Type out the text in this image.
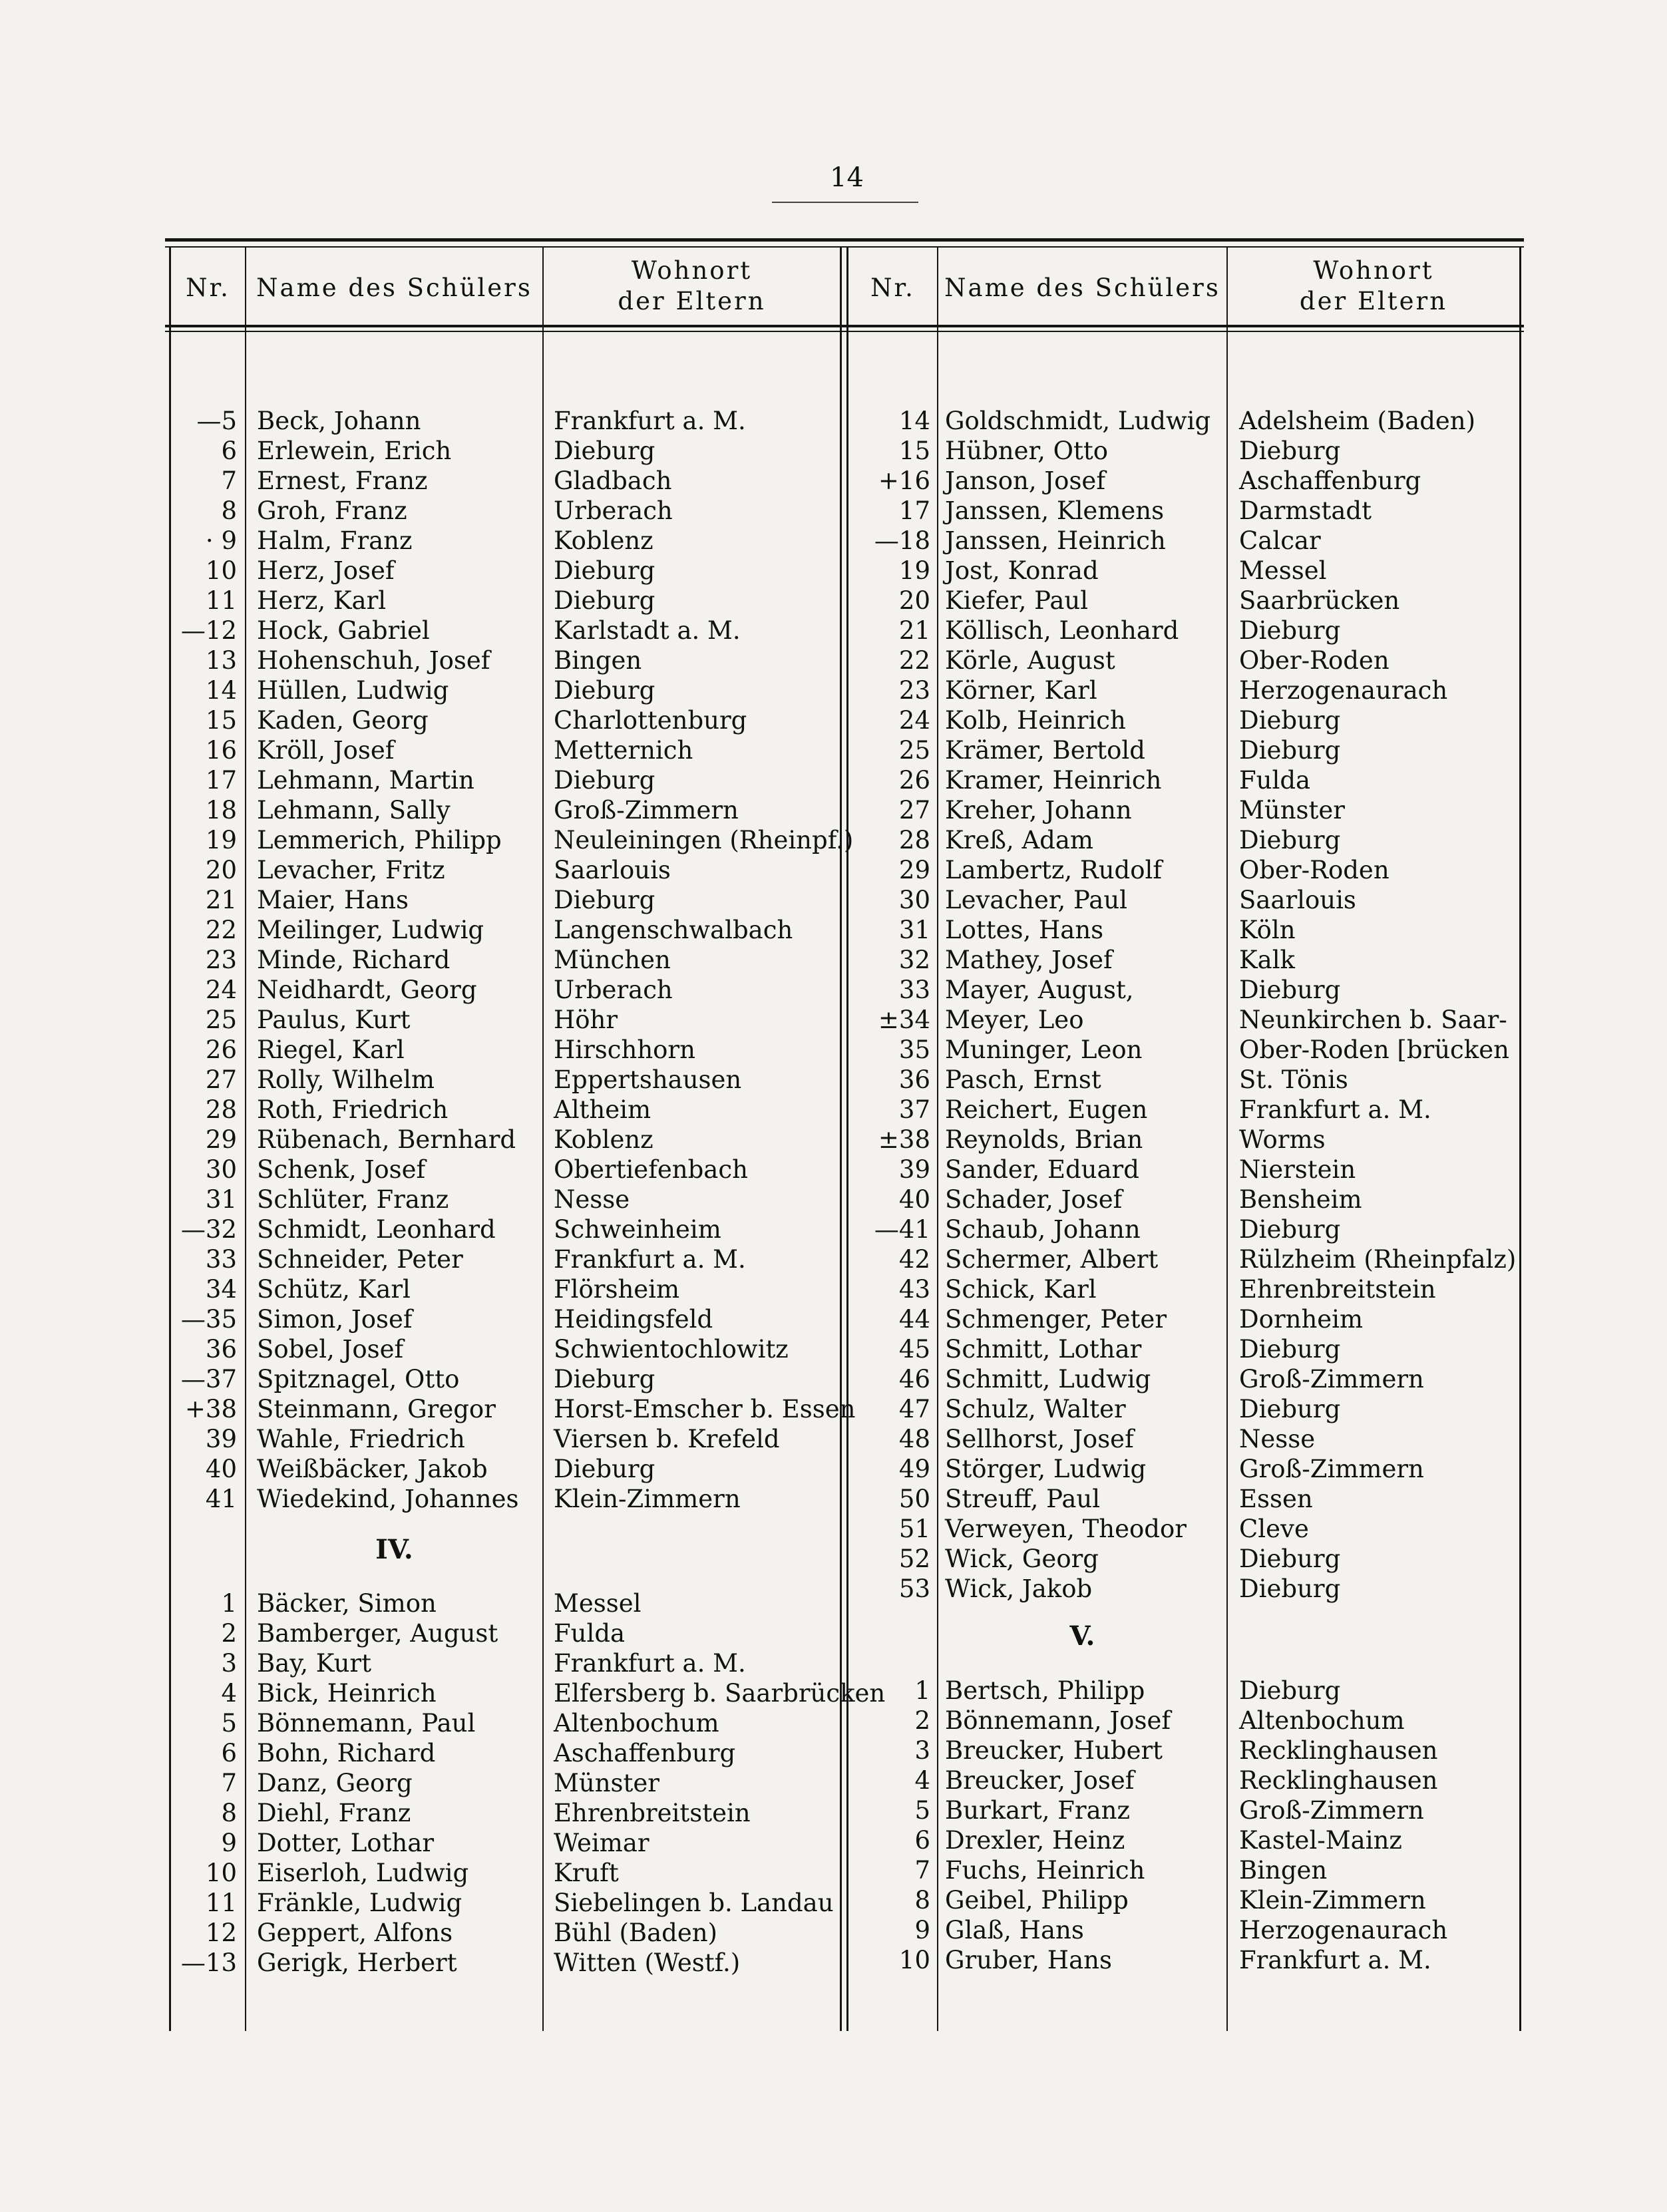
14
Nr.	Name des Schülers
Wohnort
der Eltern	Nr.	Name des Schülers
Wohnort
der Eltern
—5 Beck, Johann	Frankfurt a. M.
6 Erlewein, Erich	Dieburg
7 Ernest, Franz	Gladbach
8 Groh, Franz	Urberach
· 9 Halm, Franz	Koblenz
10 Herz, Josef	Dieburg
11 Herz, Karl	Dieburg
—12 Hock, Gabriel	Karlstadt a. M.
13 Hohenschuh, Josef	Bingen
14 Hüllen, Ludwig	Dieburg
15 Kaden, Georg	Charlottenburg
16 Kröll, Josef	Metternich
17 Lehmann, Martin	Dieburg
18 Lehmann, Sally	Groß-Zimmern
19 Lemmerich, Philipp Neuleiningen (Rheinpf.)
20 Levacher, Fritz	Saarlouis
21 Maier, Hans	Dieburg
22 Meilinger, Ludwig	Langenschwalbach
23 Minde, Richard	München
24 Neidhardt, Georg	Urberach
25 Paulus, Kurt	Höhr
26 Riegel, Karl	Hirschhorn
27 Rolly, Wilhelm	Eppertshausen
28 Roth, Friedrich	Altheim
29 Rübenach, Bernhard Koblenz
30 Schenk, Josef	Obertiefenbach
31 Schlüter, Franz	Nesse
—32 Schmidt, Leonhard Schweinheim
33 Schneider, Peter	Frankfurt a. M.
34 Schütz, Karl	Flörsheim
—35 Simon, Josef	Heidingsfeld
36 Sobel, Josef	Schwientochlowitz
—37 Spitznagel, Otto	Dieburg
+38 Steinmann, Gregor Horst-Emscher b. Essen
39 Wahle, Friedrich	Viersen b. Krefeld
40 Weißbäcker, Jakob	Dieburg
41 Wiedekind, Johannes Klein-Zimmern
1 Bäcker, Simon	Messel
2 Bamberger, August Fulda
3 Bay, Kurt	Frankfurt a. M.
4 Bick, Heinrich	Elfersberg b. Saarbrücken
5 Bönnemann, Paul	Altenbochum
6 Bohn, Richard	Aschaffenburg
7 Danz, Georg	Münster
8 Diehl, Franz	Ehrenbreitstein
9 Dotter, Lothar	Weimar
10 Eiserloh, Ludwig	Kruft
11 Fränkle, Ludwig	Siebelingen b. Landau
12 Geppert, Alfons	Bühl (Baden)
—13 Gerigk, Herbert	Witten (Westf.)
14 Goldschmidt, Ludwig Adelsheim (Baden)
15 Hübner, Otto	Dieburg
+16 Janson, Josef	Aschaffenburg
17 Janssen, Klemens	Darmstadt
—18 Janssen, Heinrich	Calcar
19 Jost, Konrad	Messel
20 Kiefer, Paul	Saarbrücken
21 Köllisch, Leonhard Dieburg
22 Körle, August	Ober-Roden
23 Körner, Karl	Herzogenaurach
24 Kolb, Heinrich	Dieburg
25 Krämer, Bertold	Dieburg
26 Kramer, Heinrich	Fulda
27 Kreher, Johann	Münster
28 Kreß, Adam	Dieburg
29 Lambertz, Rudolf	Ober-Roden
30 Levacher, Paul	Saarlouis
31 Lottes, Hans	Köln
32 Mathey, Josef	Kalk
33 Mayer, August,	Dieburg
±34 Meyer, Leo	Neunkirchen b. Saar-
35 Muninger, Leon	Ober-Roden [brücken
36 Pasch, Ernst	St. Tönis
37 Reichert, Eugen	Frankfurt a. M.
±38 Reynolds, Brian	Worms
39 Sander, Eduard	Nierstein
40 Schader, Josef	Bensheim
—41 Schaub, Johann	Dieburg
42 Schermer, Albert	Rülzheim (Rheinpfalz)
43 Schick, Karl	Ehrenbreitstein
44 Schmenger, Peter	Dornheim
45 Schmitt, Lothar	Dieburg
46 Schmitt, Ludwig	Groß-Zimmern
47 Schulz, Walter	Dieburg
48 Sellhorst, Josef	Nesse
49 Störger, Ludwig	Groß-Zimmern
50 Streuff, Paul	Essen
51 Verweyen, Theodor Cleve
52 Wick, Georg	Dieburg
53 Wick, Jakob	Dieburg
1 Bertsch, Philipp	Dieburg
2 Bönnemann, Josef	Altenbochum
3 Breucker, Hubert	Recklinghausen
4 Breucker, Josef	Recklinghausen
5 Burkart, Franz	Groß-Zimmern
6 Drexler, Heinz	Kastel-Mainz
7 Fuchs, Heinrich	Bingen
8 Geibel, Philipp	Klein-Zimmern
9 Glaß, Hans	Herzogenaurach
10 Gruber, Hans	Frankfurt a. M.
IV.
V.
